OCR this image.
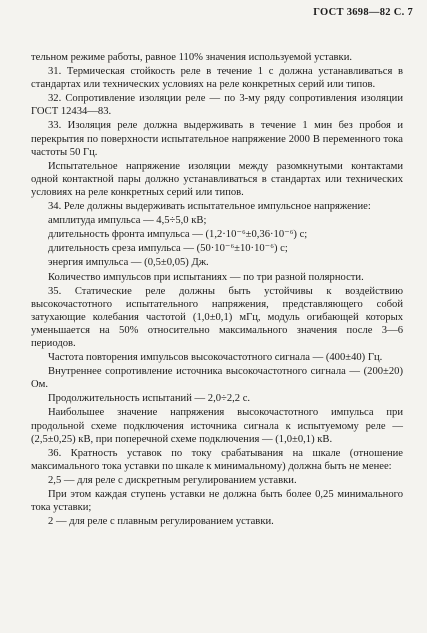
ГОСТ 3698—82 С. 7

тельном режиме работы, равное 110% значения используемой уставки.

31. Термическая стойкость реле в течение 1 с должна устанавливаться в стандартах или технических условиях на реле конкретных серий или типов.

32. Сопротивление изоляции реле — по 3-му ряду сопротивления изоляции ГОСТ 12434—83.

33. Изоляция реле должна выдерживать в течение 1 мин без пробоя и перекрытия по поверхности испытательное напряжение 2000 В переменного тока частоты 50 Гц.

Испытательное напряжение изоляции между разомкнутыми контактами одной контактной пары должно устанавливаться в стандартах или технических условиях на реле конкретных серий или типов.

34. Реле должны выдерживать испытательное импульсное напряжение:

амплитуда импульса — 4,5÷5,0 кВ;

длительность фронта импульса — (1,2·10⁻⁶±0,36·10⁻⁶) с;

длительность среза импульса — (50·10⁻⁶±10·10⁻⁶) с;

энергия импульса — (0,5±0,05) Дж.

Количество импульсов при испытаниях — по три разной полярности.

35. Статические реле должны быть устойчивы к воздействию высокочастотного испытательного напряжения, представляющего собой затухающие колебания частотой (1,0±0,1) мГц, модуль огибающей которых уменьшается на 50% относительно максимального значения после 3—6 периодов.

Частота повторения импульсов высокочастотного сигнала — (400±40) Гц.

Внутреннее сопротивление источника высокочастотного сигнала — (200±20) Ом.

Продолжительность испытаний — 2,0÷2,2 с.

Наибольшее значение напряжения высокочастотного импульса при продольной схеме подключения источника сигнала к испытуемому реле — (2,5±0,25) кВ, при поперечной схеме подключения — (1,0±0,1) кВ.

36. Кратность уставок по току срабатывания на шкале (отношение максимального тока уставки по шкале к минимальному) должна быть не менее:

2,5 — для реле с дискретным регулированием уставки.

При этом каждая ступень уставки не должна быть более 0,25 минимального тока уставки;

2 — для реле с плавным регулированием уставки.
